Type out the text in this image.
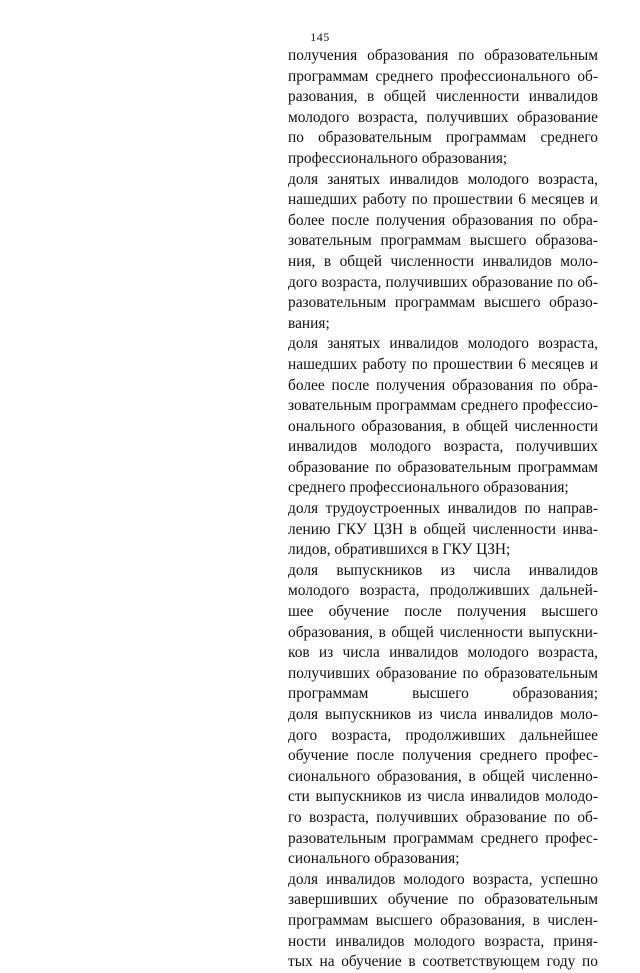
145
получения образования по образовательным
программам среднего профессионального об-
разования, в общей численности инвалидов
молодого возраста, получивших образование
по образовательным программам среднего
профессионального образования;
доля занятых инвалидов молодого возраста,
нашедших работу по прошествии 6 месяцев и
более после получения образования по обра-
зовательным программам высшего образова-
ния, в общей численности инвалидов моло-
дого возраста, получивших образование по об-
разовательным программам высшего образо-
вания;
доля занятых инвалидов молодого возраста,
нашедших работу по прошествии 6 месяцев и
более после получения образования по обра-
зовательным программам среднего профессио-
онального образования, в общей численности
инвалидов молодого возраста, получивших
образование по образовательным программам
среднего профессионального образования;
доля трудоустроенных инвалидов по направ-
лению ГКУ ЦЗН в общей численности инва-
лидов, обратившихся в ГКУ ЦЗН;
доля выпускников из числа инвалидов
молодого возраста, продолживших дальней-
шее обучение после получения высшего
образования, в общей численности выпускни-
ков из числа инвалидов молодого возраста,
получивших образование по образовательным
программам высшего образования;
доля выпускников из числа инвалидов моло-
дого возраста, продолживших дальнейшее
обучение после получения среднего профес-
сионального образования, в общей численно-
сти выпускников из числа инвалидов молодо-
го возраста, получивших образование по об-
разовательным программам среднего профес-
сионального образования;
доля инвалидов молодого возраста, успешно
завершивших обучение по образовательным
программам высшего образования, в числен-
ности инвалидов молодого возраста, приня-
тых на обучение в соответствующем году по
